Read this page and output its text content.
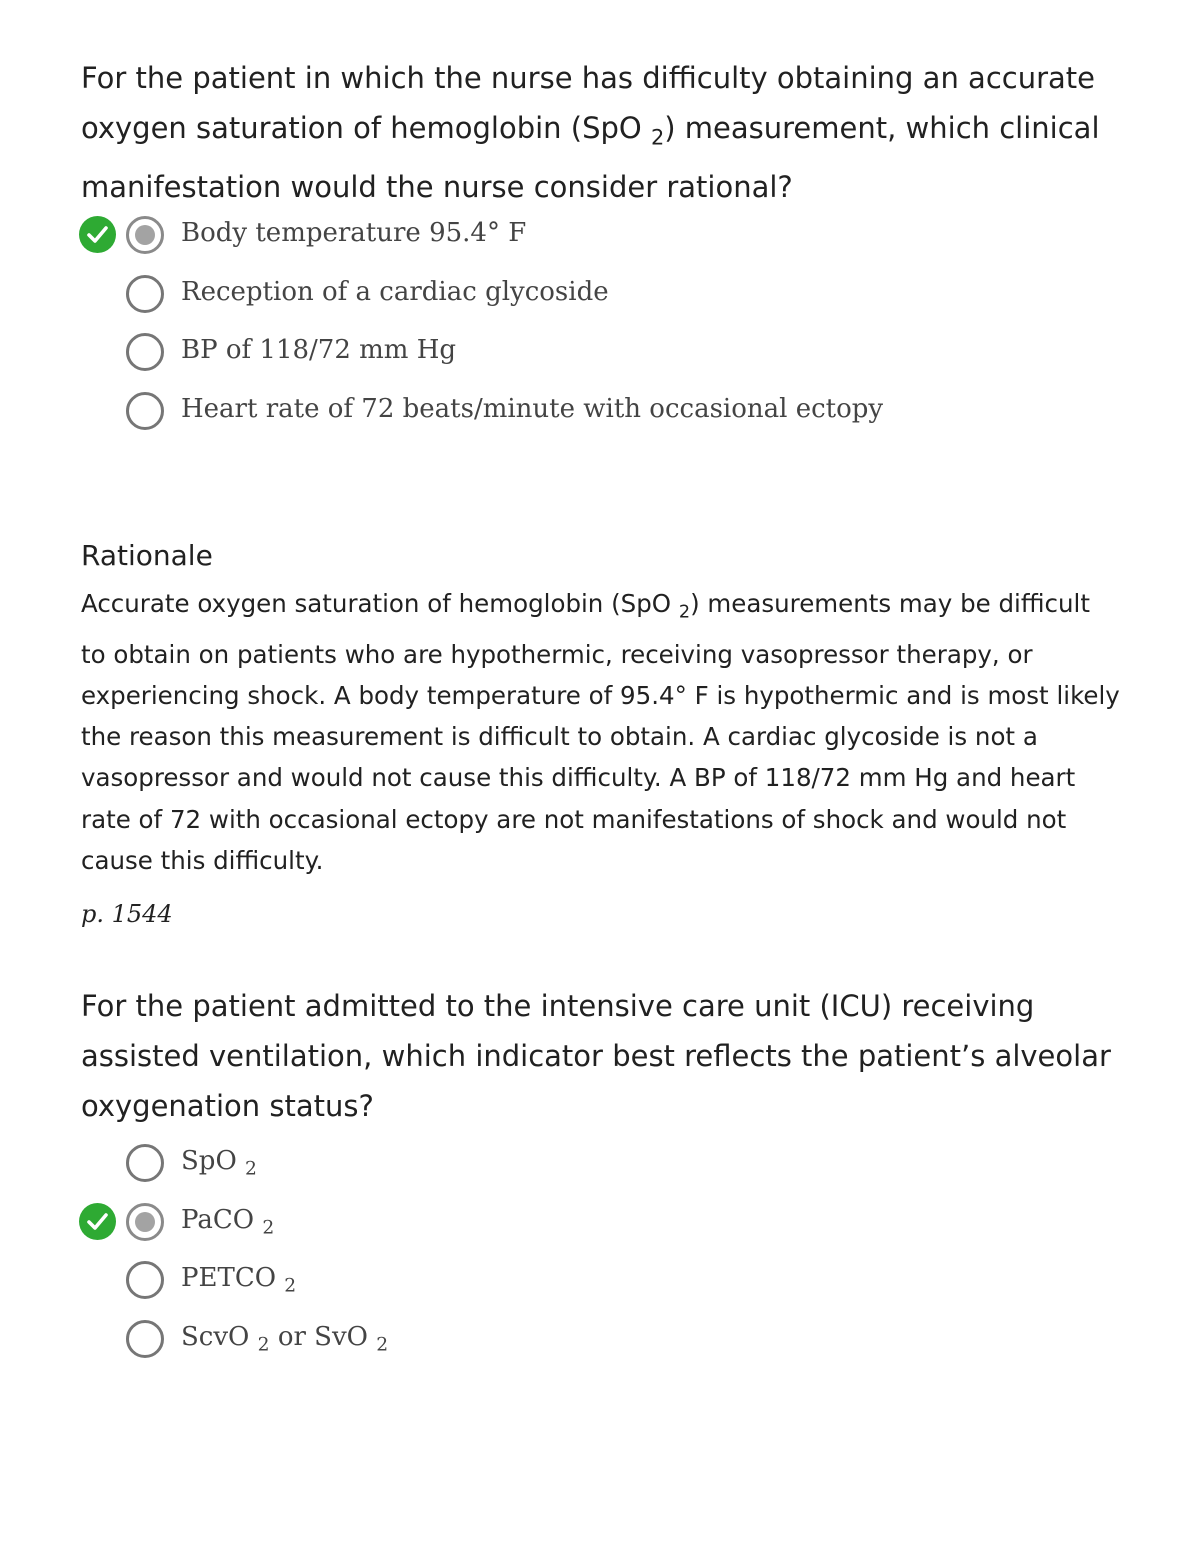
For the patient in which the nurse has difficulty obtaining an accurate oxygen saturation of hemoglobin (SpO $_2$) measurement, which clinical manifestation would the nurse consider rational?

Body temperature 95.4° F
Reception of a cardiac glycoside
BP of 118/72 mm Hg
Heart rate of 72 beats/minute with occasional ectopy
Rationale

Accurate oxygen saturation of hemoglobin (SpO $_2$) measurements may be difficult to obtain on patients who are hypothermic, receiving vasopressor therapy, or experiencing shock. A body temperature of 95.4° F is hypothermic and is most likely the reason this measurement is difficult to obtain. A cardiac glycoside is not a vasopressor and would not cause this difficulty. A BP of 118/72 mm Hg and heart rate of 72 with occasional ectopy are not manifestations of shock and would not cause this difficulty.

p. 1544

For the patient admitted to the intensive care unit (ICU) receiving assisted ventilation, which indicator best reflects the patient’s alveolar oxygenation status?

SpO $_2$
PaCO $_2$
PETCO $_2$
ScvO $_2$ or SvO $_2$
